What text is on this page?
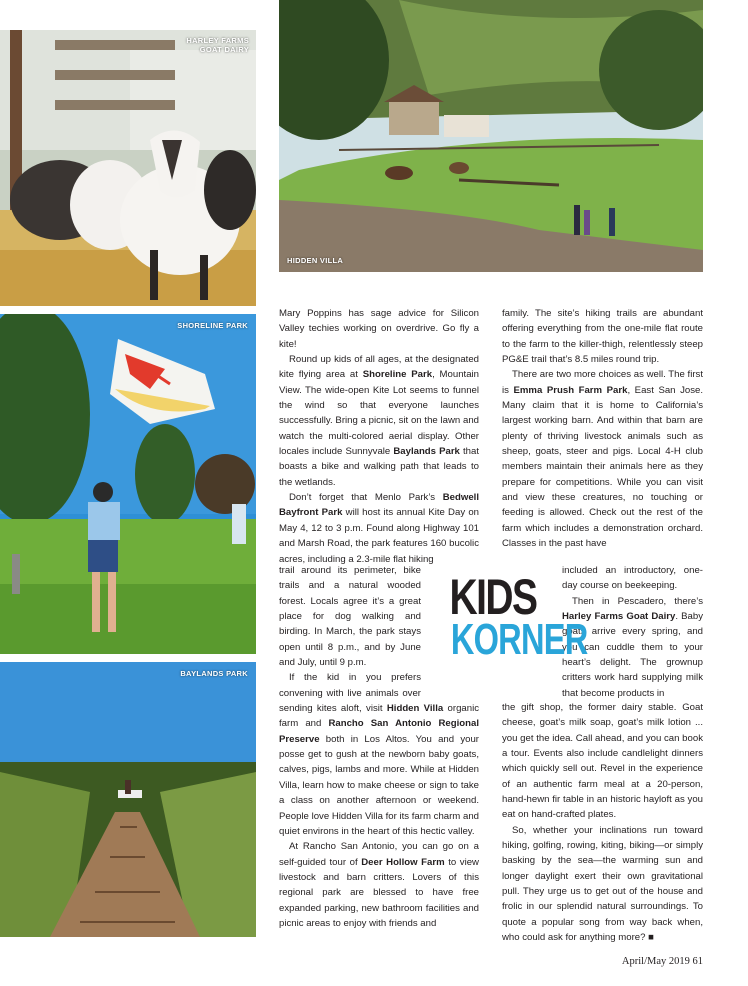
HARLEY FARMS
GOAT DAIRY
HIDDEN VILLA
SHORELINE PARK
BAYLANDS PARK

Mary Poppins has sage advice for Silicon Valley techies working on overdrive. Go fly a kite!

Round up kids of all ages, at the designated kite flying area at Shoreline Park, Mountain View. The wide-open Kite Lot seems to funnel the wind so that everyone launches successfully. Bring a picnic, sit on the lawn and watch the multi-colored aerial display. Other locales include Sunnyvale Baylands Park that boasts a bike and walking path that leads to the wetlands.

Don’t forget that Menlo Park’s Bedwell Bayfront Park will host its annual Kite Day on May 4, 12 to 3 p.m. Found along Highway 101 and Marsh Road, the park features 160 bucolic acres, including a 2.3-mile flat hiking

trail around its perimeter, bike trails and a natural wooded forest. Locals agree it’s a great place for dog walking and birding. In March, the park stays open until 8 p.m., and by June and July, until 9 p.m.

If the kid in you prefers convening with live animals over sending kites aloft, visit Hidden Villa organic farm and Rancho San Antonio Regional Preserve both in Los Altos. You and your posse get to gush at the newborn baby goats, calves, pigs, lambs and more. While at Hidden Villa, learn how to make cheese or sign to take a class on another afternoon or weekend. People love Hidden Villa for its farm charm and quiet environs in the heart of this hectic valley.

At Rancho San Antonio, you can go on a self-guided tour of Deer Hollow Farm to view livestock and barn critters. Lovers of this regional park are blessed to have free expanded parking, new bathroom facilities and picnic areas to enjoy with friends and

family. The site’s hiking trails are abundant offering everything from the one-mile flat route to the farm to the killer-thigh, relentlessly steep PG&E trail that’s 8.5 miles round trip.

There are two more choices as well. The first is Emma Prush Farm Park, East San Jose. Many claim that it is home to California’s largest working barn. And within that barn are plenty of thriving livestock animals such as sheep, goats, steer and pigs. Local 4-H club members maintain their animals here as they prepare for competitions. While you can visit and view these creatures, no touching or feeding is allowed. Check out the rest of the farm which includes a demonstration orchard. Classes in the past have

included an introductory, one-day course on beekeeping.

Then in Pescadero, there’s Harley Farms Goat Dairy. Baby goats arrive every spring, and you can cuddle them to your heart’s delight. The grownup critters work hard supplying milk that become products in

the gift shop, the former dairy stable. Goat cheese, goat’s milk soap, goat’s milk lotion ... you get the idea. Call ahead, and you can book a tour. Events also include candlelight dinners which quickly sell out. Revel in the experience of an authentic farm meal at a 20-person, hand-hewn fir table in an historic hayloft as you eat on hand-crafted plates.

So, whether your inclinations run toward hiking, golfing, rowing, kiting, biking—or simply basking by the sea—the warming sun and longer daylight exert their own gravitational pull. They urge us to get out of the house and frolic in our splendid natural surroundings. To quote a popular song from way back when, who could ask for anything more? ■

KIDS
KORNER
April/May 2019 61
